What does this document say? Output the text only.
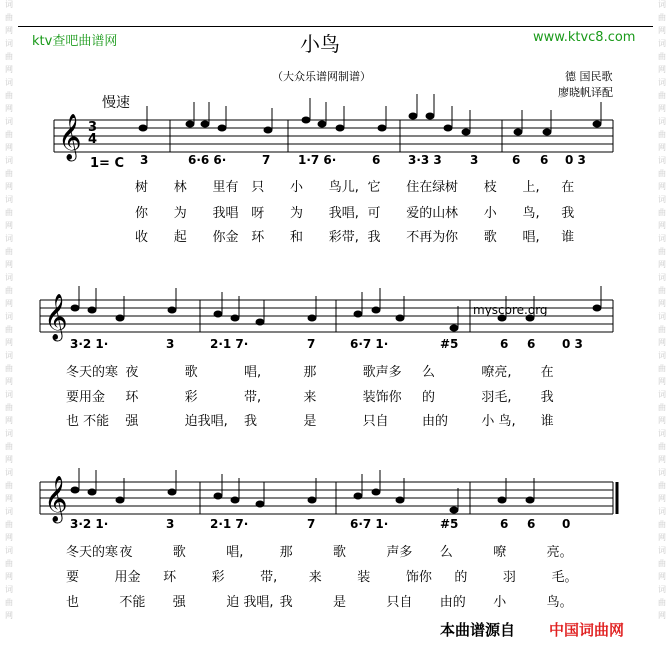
词
曲
网
词
曲
网
词
曲
网
词
曲
网
词
曲
网
词
曲
网
词
曲
网
词
曲
网
词
曲
网
词
曲
网
词
曲
网
词
曲
网
词
曲
网
词
曲
网
词
曲
网
词
曲
网
词
曲
网
词
曲
网
词
曲
网
词
曲
网
词
曲
网
词
曲
网
词
曲
网
词
曲
网
词
曲
网
词
曲
网
词
曲
网
词
曲
网
词
曲
网
词
曲
网
词
曲
网
词
曲
网
ktv查吧曲谱网	小鸟	www.ktvc8.com
（大众乐谱网制谱）	德 国民歌
廖晓帆译配
慢速
𝄞
𝄞
𝄞
3
4
1= C 3	6·6 6·	7 1·7 6·	6 3·3 3 3	6 6 0 3
3·2 1·	3	2·1 7·	7	6·7 1·	#5	6 6 0 3
3·2 1·	3	2·1 7·	7	6·7 1·	#5	6 6 0
树 林 里有 只 小 鸟儿, 它 住在绿 树 枝 上, 在
你 为 我唱 呀 为 我唱, 可 爱的山 林 小 鸟, 我
收 起 你金 环 和 彩带, 我 不再为 你 歌 唱, 谁
冬天的寒 夜	歌	唱,	那	歌声多 么	嘹亮, 在
要用金 环	彩	带,	来	装饰你 的	羽毛, 我
也 不能 强	迫我唱, 我	是	只自	由的	小 鸟, 谁
冬天的寒 夜	歌	唱,	那	歌	声多 么	嘹	亮。
要	用金 环	彩	带, 来	装	饰你 的	羽	毛。
也	不能 强	迫 我唱, 我	是	只自 由的 小	鸟。
myscore.org
本曲谱源自 中国词曲网
